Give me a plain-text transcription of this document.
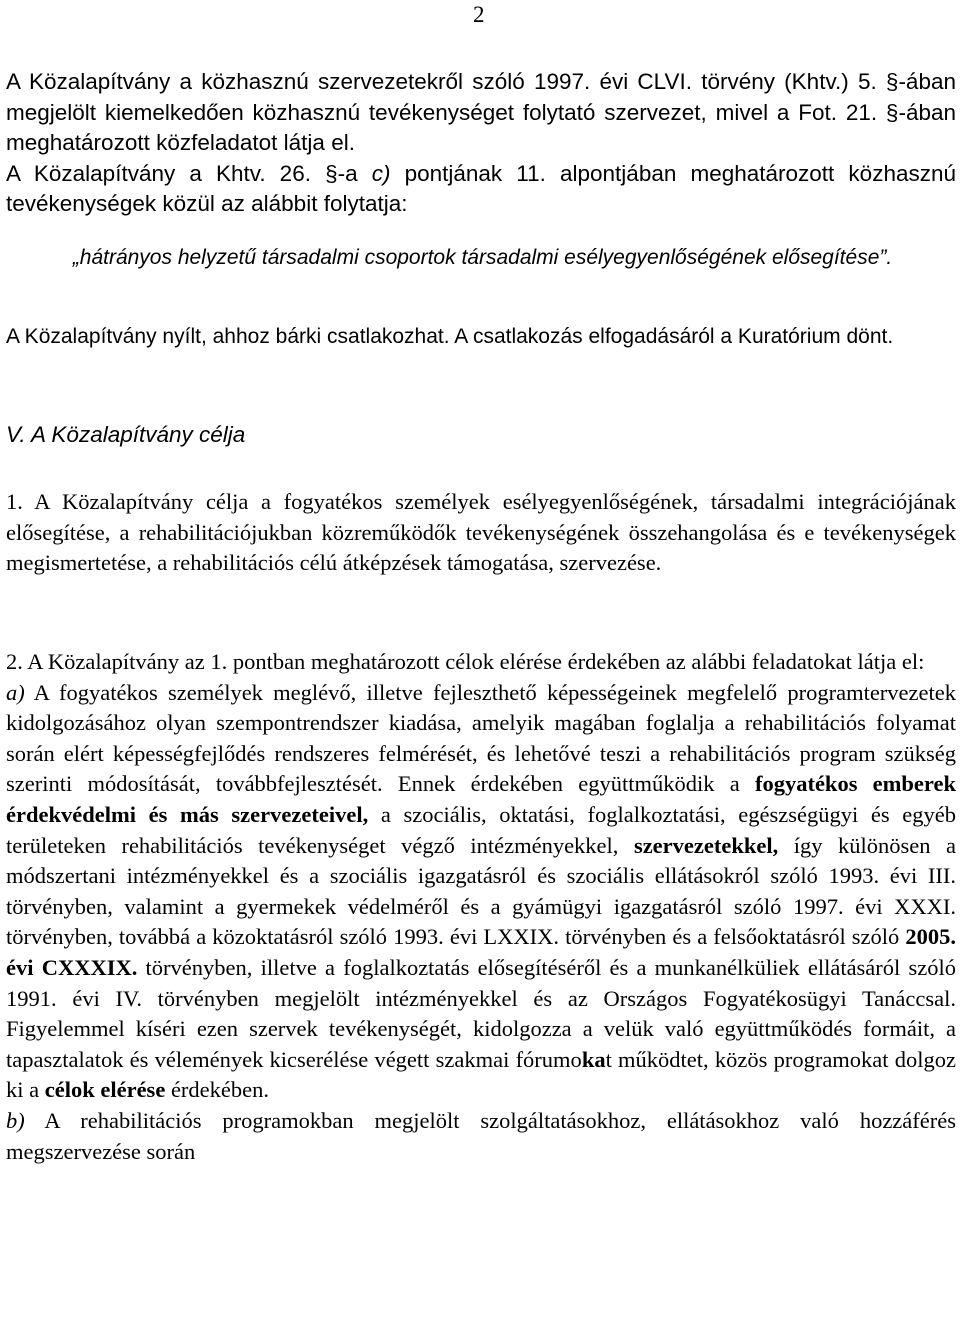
2
A Közalapítvány a közhasznú szervezetekről szóló 1997. évi CLVI. törvény (Khtv.) 5. §-ában megjelölt kiemelkedően közhasznú tevékenységet folytató szervezet, mivel a Fot. 21. §-ában meghatározott közfeladatot látja el.
A Közalapítvány a Khtv. 26. §-a c) pontjának 11. alpontjában meghatározott közhasznú tevékenységek közül az alábbit folytatja:
„hátrányos helyzetű társadalmi csoportok társadalmi esélyegyenlőségének elősegítése”.
A Közalapítvány nyílt, ahhoz bárki csatlakozhat. A csatlakozás elfogadásáról a Kuratórium dönt.
V. A Közalapítvány célja
1. A Közalapítvány célja a fogyatékos személyek esélyegyenlőségének, társadalmi integrációjának elősegítése, a rehabilitációjukban közreműködők tevékenységének összehangolása és e tevékenységek megismertetése, a rehabilitációs célú átképzések támogatása, szervezése.
2. A Közalapítvány az 1. pontban meghatározott célok elérése érdekében az alábbi feladatokat látja el:
a) A fogyatékos személyek meglévő, illetve fejleszthető képességeinek megfelelő programtervezetek kidolgozásához olyan szempontrendszer kiadása, amelyik magában foglalja a rehabilitációs folyamat során elért képességfejlődés rendszeres felmérését, és lehetővé teszi a rehabilitációs program szükség szerinti módosítását, továbbfejlesztését. Ennek érdekében együttműködik a fogyatékos emberek érdekvédelmi és más szervezeteivel, a szociális, oktatási, foglalkoztatási, egészségügyi és egyéb területeken rehabilitációs tevékenységet végző intézményekkel, szervezetekkel, így különösen a módszertani intézményekkel és a szociális igazgatásról és szociális ellátásokról szóló 1993. évi III. törvényben, valamint a gyermekek védelméről és a gyámügyi igazgatásról szóló 1997. évi XXXI. törvényben, továbbá a közoktatásról szóló 1993. évi LXXIX. törvényben és a felsőoktatásról szóló 2005. évi CXXXIX. törvényben, illetve a foglalkoztatás elősegítéséről és a munkanélküliek ellátásáról szóló 1991. évi IV. törvényben megjelölt intézményekkel és az Országos Fogyatékosügyi Tanáccsal. Figyelemmel kíséri ezen szervek tevékenységét, kidolgozza a velük való együttműködés formáit, a tapasztalatok és vélemények kicserélése végett szakmai fórumokat működtet, közös programokat dolgoz ki a célok elérése érdekében.
b) A rehabilitációs programokban megjelölt szolgáltatásokhoz, ellátásokhoz való hozzáférés megszervezése során
